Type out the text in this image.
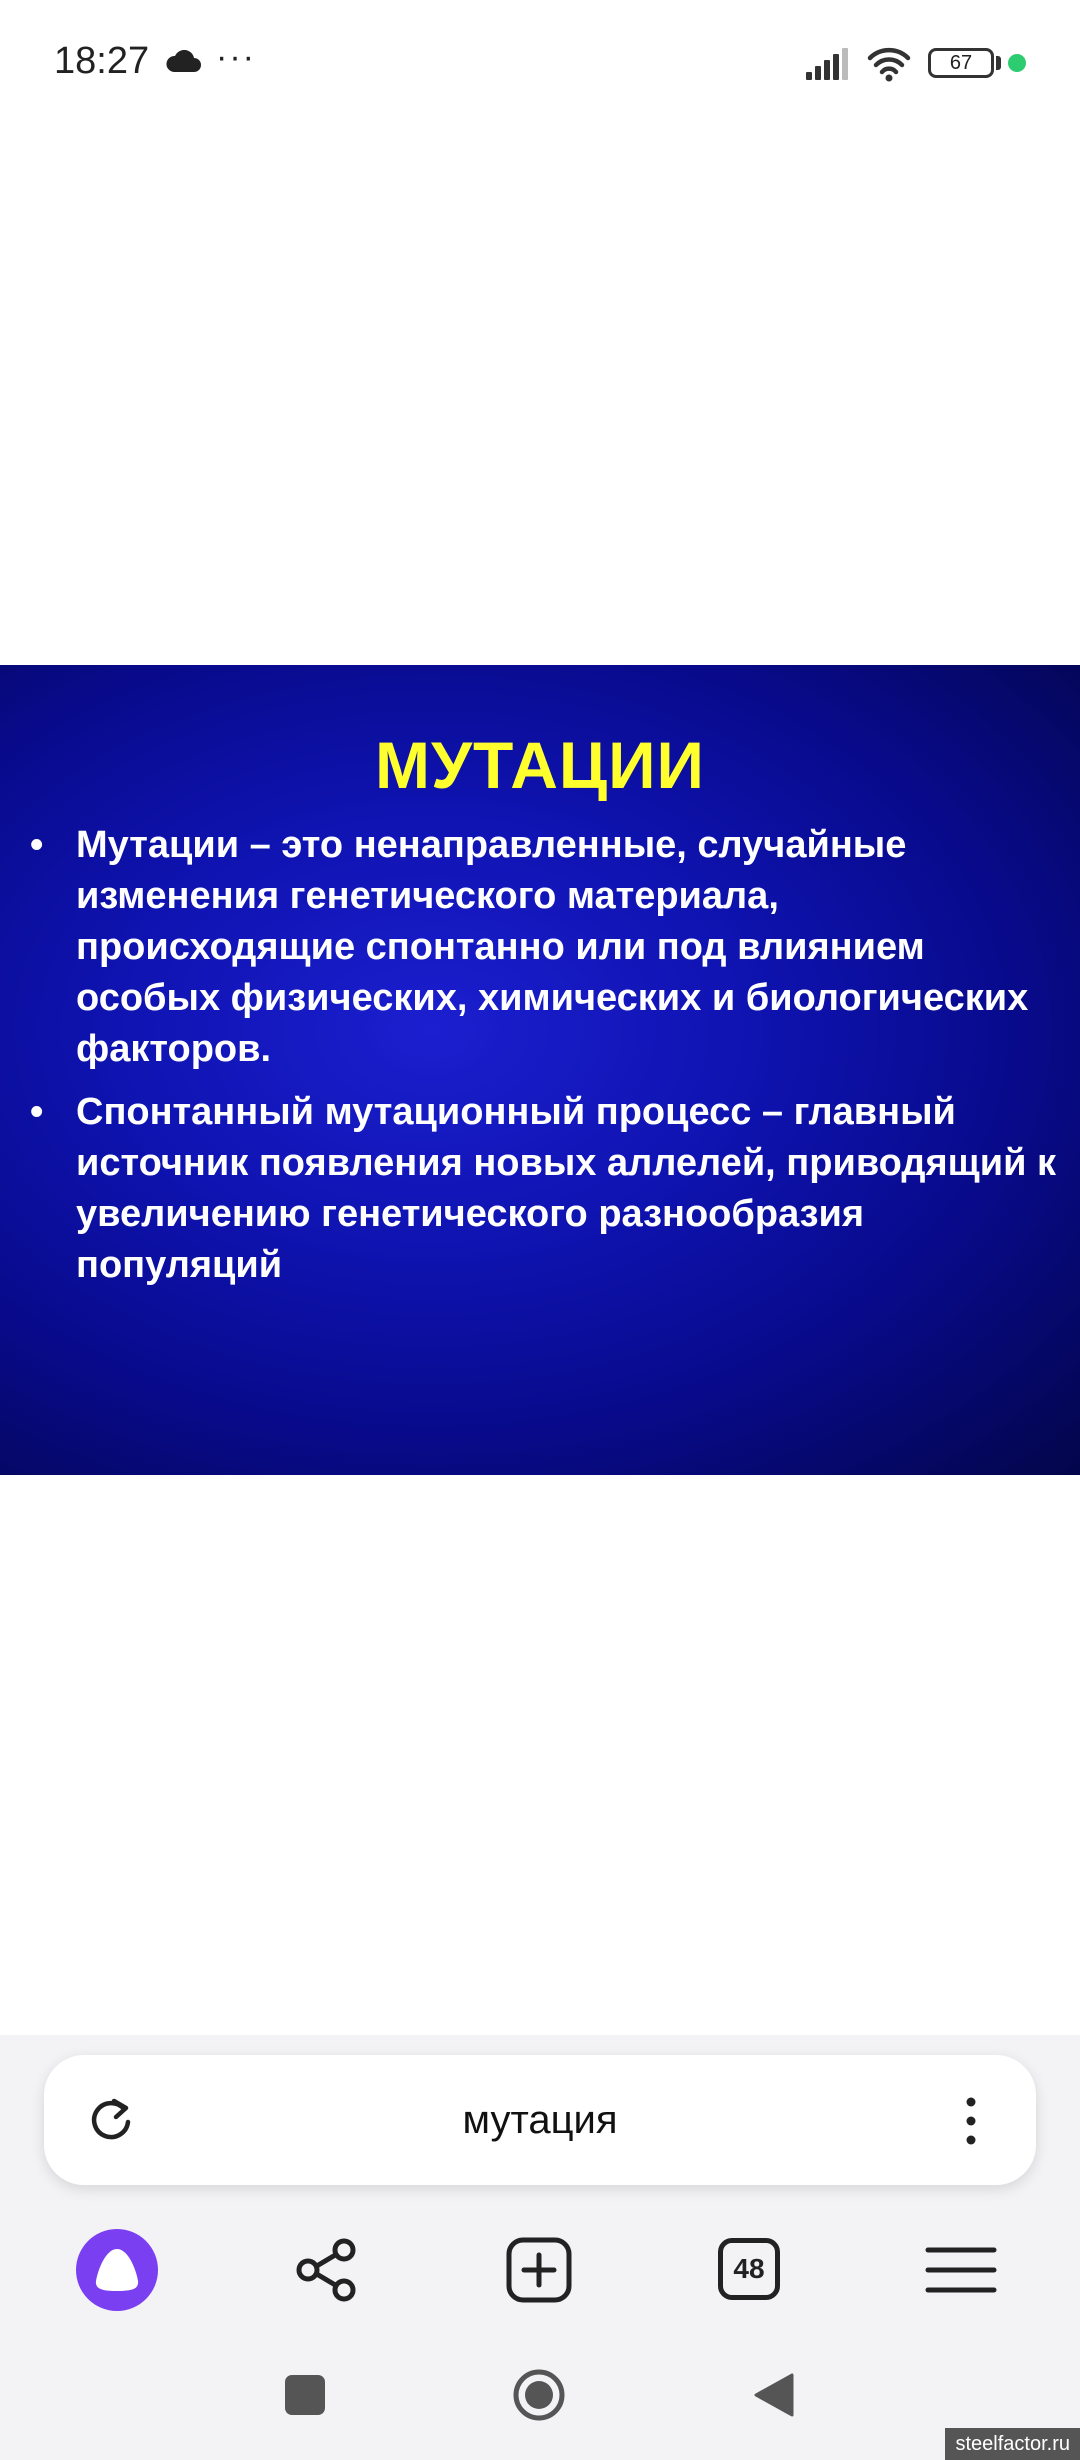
18:27 ···	67
МУТАЦИИ
• Мутации – это ненаправленные, случайные изменения генетического материала, происходящие спонтанно или под влиянием особых физических, химических и биологических факторов.
• Спонтанный мутационный процесс – главный источник появления новых аллелей, приводящий к увеличению генетического разнообразия популяций
мутация
48
steelfactor.ru
